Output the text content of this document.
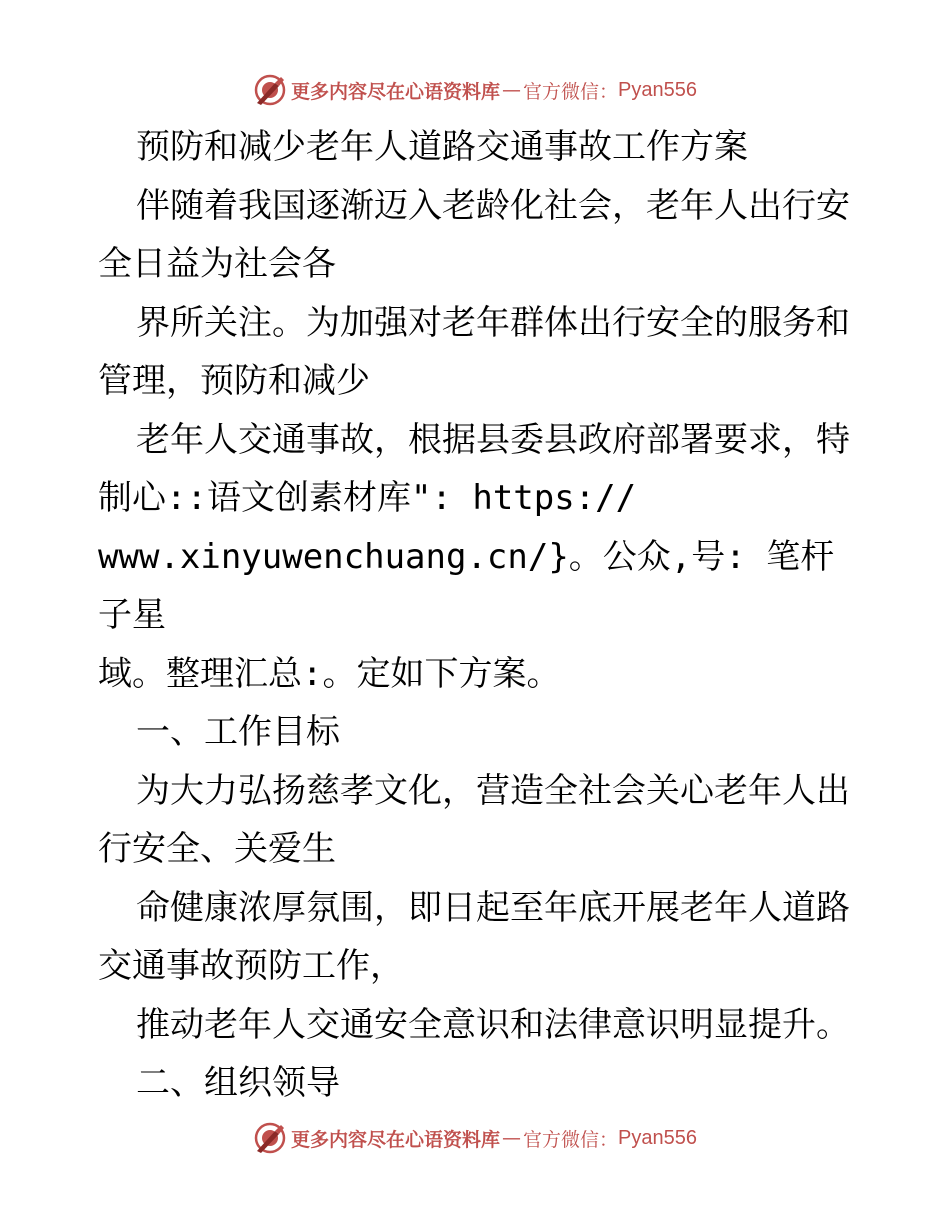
更多内容尽在心语资料库 — 官方微信： Pyan556

预防和减少老年人道路交通事故工作方案

伴随着我国逐渐迈入老龄化社会，老年人出行安

全日益为社会各

界所关注。为加强对老年群体出行安全的服务和

管理，预防和减少

老年人交通事故，根据县委县政府部署要求，特

制心::语文创素材库": https://

www.xinyuwenchuang.cn/}。公众,号: 笔杆子星

域。整理汇总:。定如下方案。

一、工作目标

为大力弘扬慈孝文化，营造全社会关心老年人出

行安全、关爱生

命健康浓厚氛围，即日起至年底开展老年人道路

交通事故预防工作，

推动老年人交通安全意识和法律意识明显提升。

二、组织领导

更多内容尽在心语资料库 — 官方微信： Pyan556
